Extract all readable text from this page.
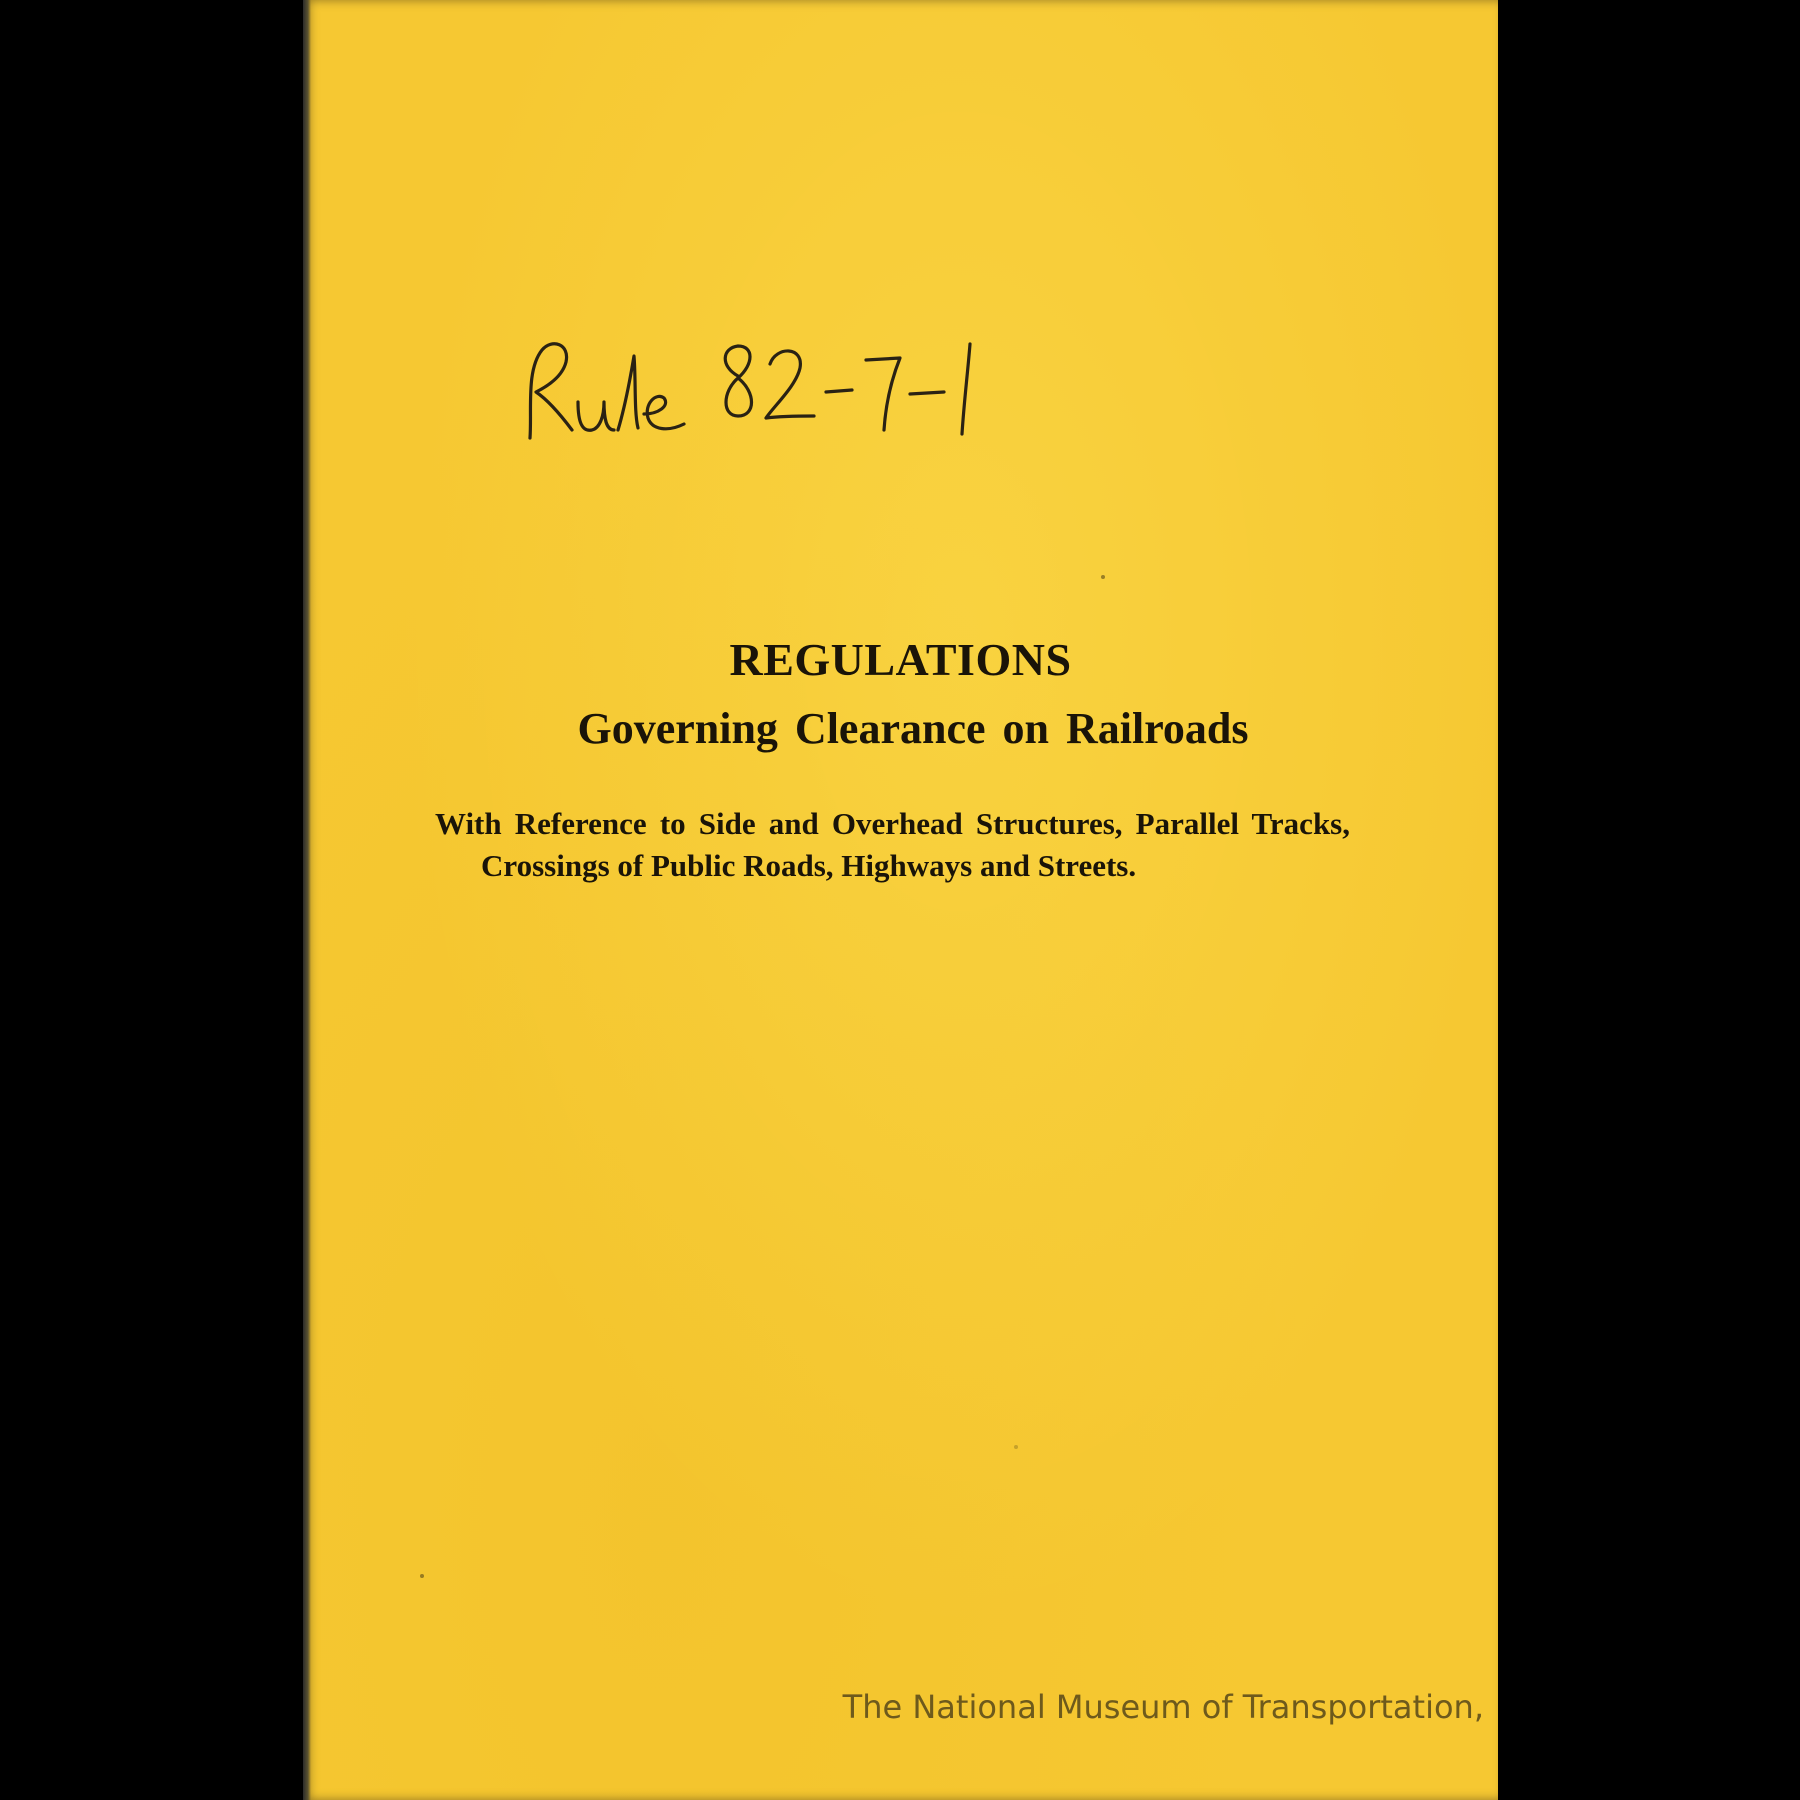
Rule 82-7-1
REGULATIONS
Governing Clearance on Railroads

With Reference to Side and Overhead Structures, Parallel Tracks, Crossings of Public Roads, Highways and Streets.

The National Museum of Transportation,
